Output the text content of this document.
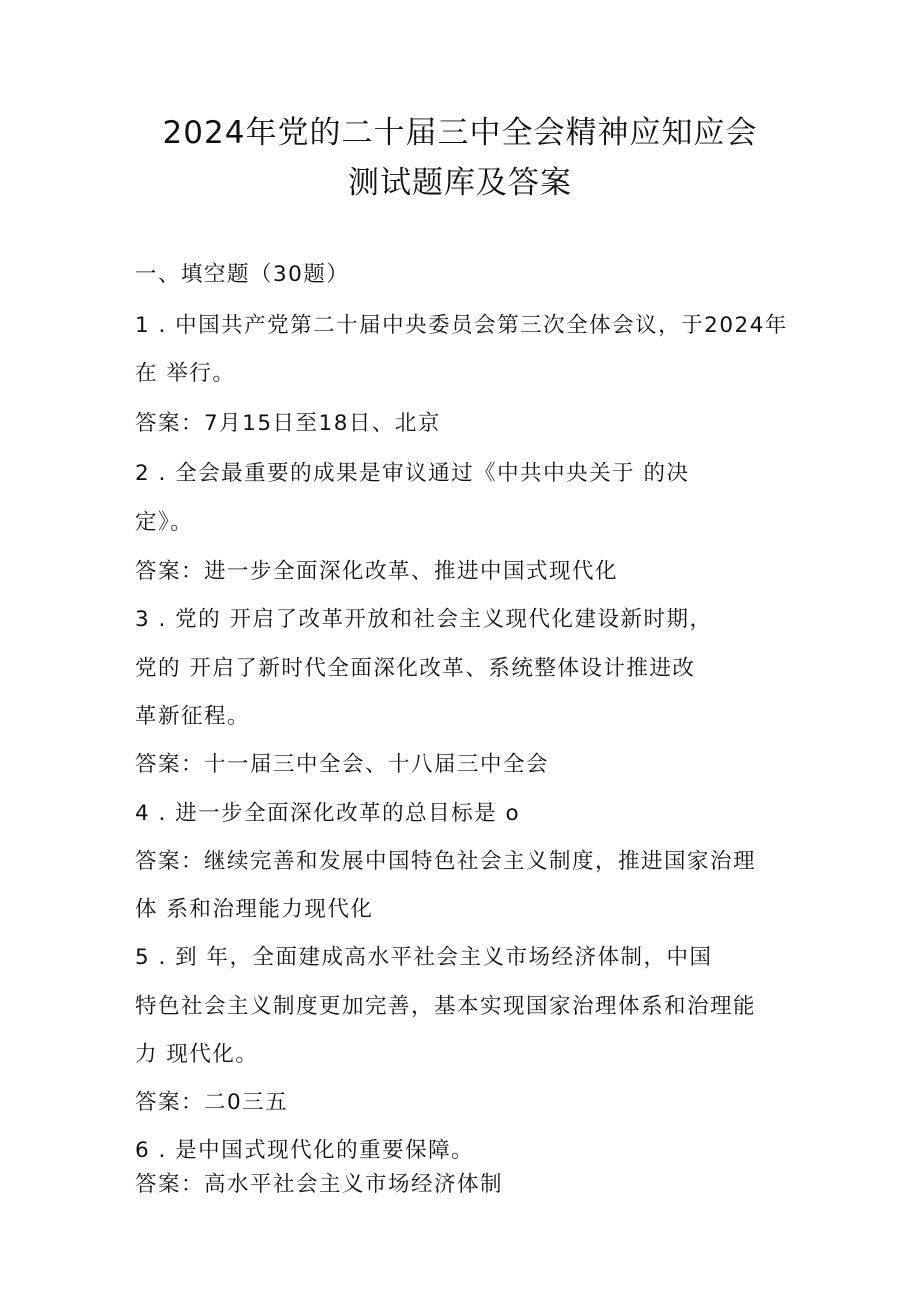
2024年党的二十届三中全会精神应知应会
测试题库及答案
一、填空题（30题）
1 . 中国共产党第二十届中央委员会第三次全体会议，于2024年
在 举行。
答案：7月15日至18日、北京
2 . 全会最重要的成果是审议通过《中共中央关于 的决
定》。
答案：进一步全面深化改革、推进中国式现代化
3 . 党的 开启了改革开放和社会主义现代化建设新时期，
党的 开启了新时代全面深化改革、系统整体设计推进改
革新征程。
答案：十一届三中全会、十八届三中全会
4 . 进一步全面深化改革的总目标是 o
答案：继续完善和发展中国特色社会主义制度，推进国家治理
体 系和治理能力现代化
5 . 到 年，全面建成高水平社会主义市场经济体制，中国
特色社会主义制度更加完善，基本实现国家治理体系和治理能
力 现代化。
答案：二0三五
6 . 是中国式现代化的重要保障。
答案：高水平社会主义市场经济体制
